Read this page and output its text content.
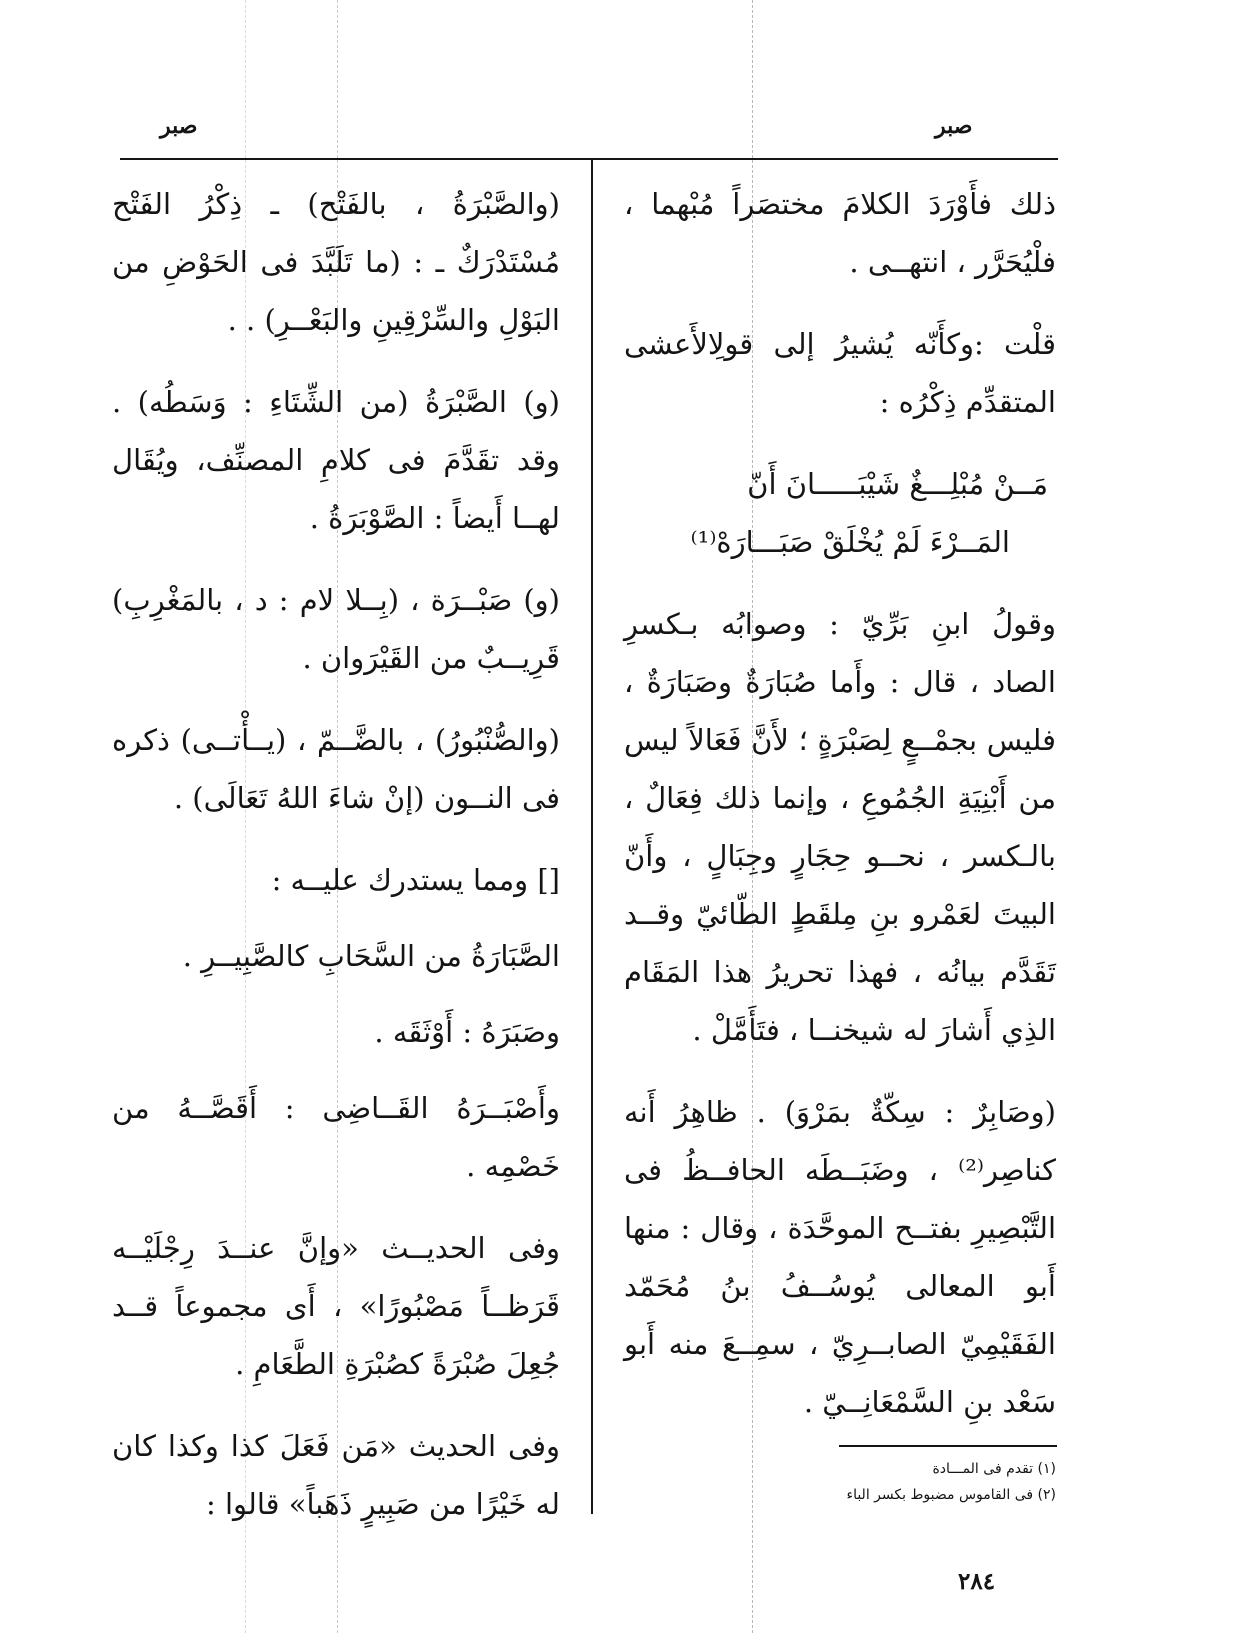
صبر
صبر

ذلك فأَوْرَدَ الكلامَ مختصَراً مُبْهما ، فلْيُحَرَّر ، انتهــى .

قلْت :وكأَنّه يُشيرُ إلى قولِالأَعشى المتقدِّم ذِكْرُه :

مَــنْ مُبْلِـــغٌ شَيْبَـــــانَ أَنّ
المَــرْءَ لَمْ يُخْلَقْ صَبَـــارَهْ⁽¹⁾

وقولُ ابنِ بَرِّيّ : وصوابُه بـكسرِ الصاد ، قال : وأَما صُبَارَةٌ وصَبَارَةٌ ، فليس بجمْــعٍ لِصَبْرَةٍ ؛ لأَنَّ فَعَالاً ليس من أَبْنِيَةِ الجُمُوعِ ، وإنما ذلك فِعَالٌ ، بالـكسر ، نحــو حِجَارٍ وجِبَالٍ ، وأَنّ البيتَ لعَمْرو بنِ مِلقَطٍ الطّائيّ وقــد تَقَدَّم بيانُه ، فهذا تحريرُ هذا المَقَام الذِي أَشارَ له شيخنــا ، فتَأَمَّلْ .

(وصَابِرٌ : سِكّةٌ بمَرْوَ) . ظاهِرُ أَنه كناصِر⁽²⁾ ، وضَبَــطَه الحافــظُ فى التَّبْصِيرِ بفتــح الموحَّدَة ، وقال : منها أَبو المعالى يُوسُــفُ بنُ مُحَمّد الفَقَيْمِيّ الصابــرِيّ ، سمِــعَ منه أَبو سَعْد بنِ السَّمْعَانِــيّ .

(والصَّبْرَةُ ، بالفَتْح) ـ ذِكْرُ الفَتْح مُسْتَدْرَكٌ ـ : (ما تَلَبَّدَ فى الحَوْضِ من البَوْلِ والسِّرْقِينِ والبَعْــرِ) . .

(و) الصَّبْرَةُ (من الشِّتَاءِ : وَسَطُه) . وقد تقَدَّمَ فى كلامِ المصنِّف، ويُقَال لهــا أَيضاً : الصَّوْبَرَةُ .

(و) صَبْــرَة ، (بِــلا لام : د ، بالمَغْرِبِ) قَرِيــبٌ من القَيْرَوان .

(والصُّنْبُورُ) ، بالضَّــمّ ، (يــأْتــى) ذكره فى النــون (إنْ شاءَ اللهُ تَعَالَى) .

[] ومما يستدرك عليــه :

الصَّبَارَةُ من السَّحَابِ كالصَّبِيــرِ .

وصَبَرَهُ : أَوْثَقَه .

وأَصْبَــرَهُ القَــاضِى : أَقَصَّــهُ من خَصْمِه .

وفى الحديــث «وإنَّ عنــدَ رِجْلَيْــه قَرَظــاً مَصْبُورًا» ، أَى مجموعاً قــد جُعِلَ صُبْرَةً كصُبْرَةِ الطَّعَامِ .

وفى الحديث «مَن فَعَلَ كذا وكذا كان له خَيْرًا من صَبِيرٍ ذَهَباً» قالوا :

(١) تقدم فى المـــادة
(٢) فى القاموس مضبوط بكسر الباء
٢٨٤
